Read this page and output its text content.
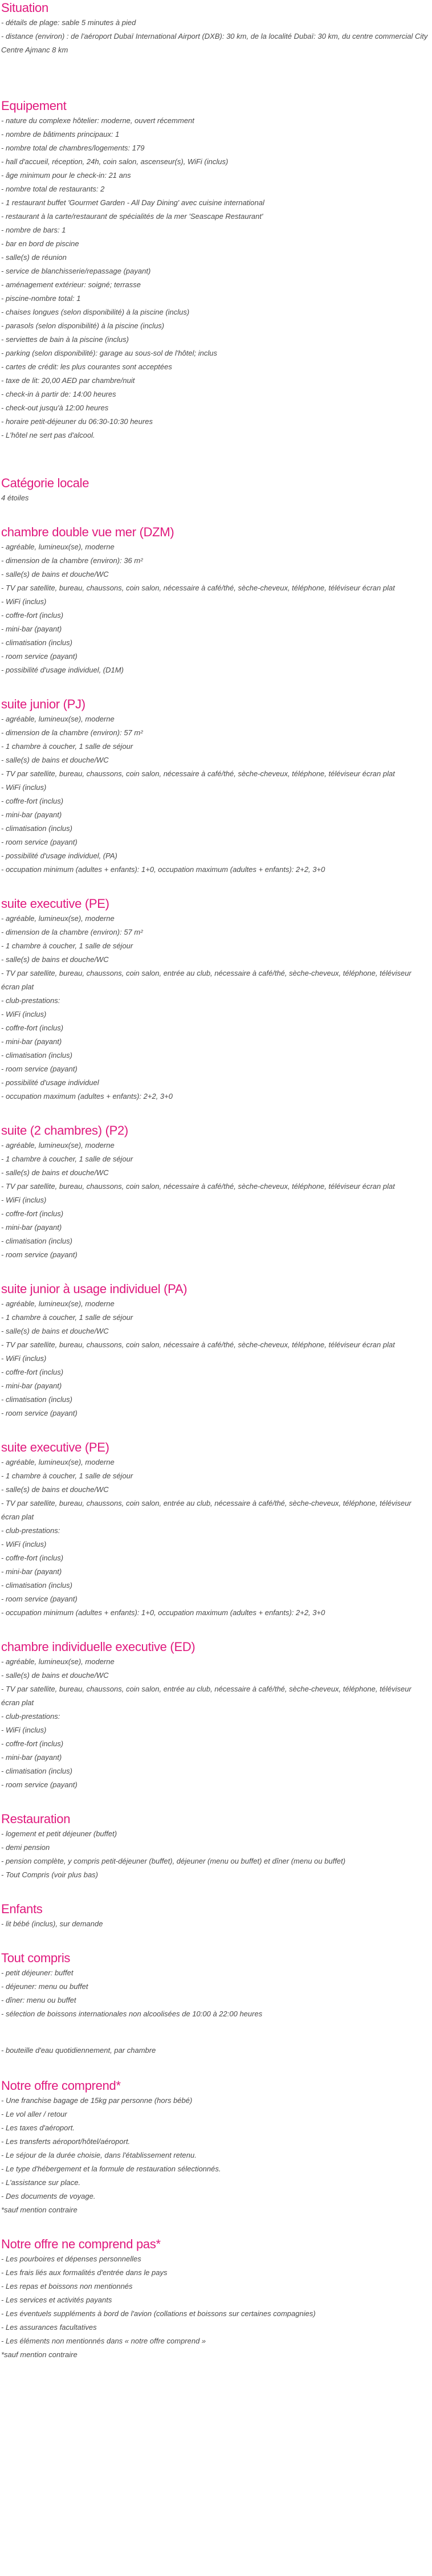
Situation
- détails de plage: sable 5 minutes à pied
- distance (environ) : de l'aéroport Dubaï International Airport (DXB): 30 km, de la localité Dubaï: 30 km, du centre commercial City Centre Ajmanc 8 km
Equipement
- nature du complexe hôtelier: moderne, ouvert récemment
- nombre de bâtiments principaux: 1
- nombre total de chambres/logements: 179
- hall d'accueil, réception, 24h, coin salon, ascenseur(s), WiFi (inclus)
- âge minimum pour le check-in: 21 ans
- nombre total de restaurants: 2
- 1 restaurant buffet 'Gourmet Garden - All Day Dining' avec cuisine international
- restaurant à la carte/restaurant de spécialités de la mer 'Seascape Restaurant'
- nombre de bars: 1
- bar en bord de piscine
- salle(s) de réunion
- service de blanchisserie/repassage (payant)
- aménagement extérieur: soigné; terrasse
- piscine-nombre total: 1
- chaises longues (selon disponibilité) à la piscine (inclus)
- parasols (selon disponibilité) à la piscine (inclus)
- serviettes de bain à la piscine (inclus)
- parking (selon disponibilité): garage au sous-sol de l'hôtel; inclus
- cartes de crédit: les plus courantes sont acceptées
- taxe de lit: 20,00 AED par chambre/nuit
- check-in à partir de: 14:00 heures
- check-out jusqu'à 12:00 heures
- horaire petit-déjeuner du 06:30-10:30 heures
- L'hôtel ne sert pas d'alcool.
Catégorie locale
4 étoiles
chambre double vue mer (DZM)
- agréable, lumineux(se), moderne
- dimension de la chambre (environ): 36 m²
- salle(s) de bains et douche/WC
- TV par satellite, bureau, chaussons, coin salon, nécessaire à café/thé, sèche-cheveux, téléphone, téléviseur écran plat
- WiFi (inclus)
- coffre-fort (inclus)
- mini-bar (payant)
- climatisation (inclus)
- room service (payant)
- possibilité d'usage individuel, (D1M)
suite junior (PJ)
- agréable, lumineux(se), moderne
- dimension de la chambre (environ): 57 m²
- 1 chambre à coucher, 1 salle de séjour
- salle(s) de bains et douche/WC
- TV par satellite, bureau, chaussons, coin salon, nécessaire à café/thé, sèche-cheveux, téléphone, téléviseur écran plat
- WiFi (inclus)
- coffre-fort (inclus)
- mini-bar (payant)
- climatisation (inclus)
- room service (payant)
- possibilité d'usage individuel, (PA)
- occupation minimum (adultes + enfants): 1+0, occupation maximum (adultes + enfants): 2+2, 3+0
suite executive (PE)
- agréable, lumineux(se), moderne
- dimension de la chambre (environ): 57 m²
- 1 chambre à coucher, 1 salle de séjour
- salle(s) de bains et douche/WC
- TV par satellite, bureau, chaussons, coin salon, entrée au club, nécessaire à café/thé, sèche-cheveux, téléphone, téléviseur écran plat
- club-prestations:
- WiFi (inclus)
- coffre-fort (inclus)
- mini-bar (payant)
- climatisation (inclus)
- room service (payant)
- possibilité d'usage individuel
- occupation maximum (adultes + enfants): 2+2, 3+0
suite (2 chambres) (P2)
- agréable, lumineux(se), moderne
- 1 chambre à coucher, 1 salle de séjour
- salle(s) de bains et douche/WC
- TV par satellite, bureau, chaussons, coin salon, nécessaire à café/thé, sèche-cheveux, téléphone, téléviseur écran plat
- WiFi (inclus)
- coffre-fort (inclus)
- mini-bar (payant)
- climatisation (inclus)
- room service (payant)
suite junior à usage individuel (PA)
- agréable, lumineux(se), moderne
- 1 chambre à coucher, 1 salle de séjour
- salle(s) de bains et douche/WC
- TV par satellite, bureau, chaussons, coin salon, nécessaire à café/thé, sèche-cheveux, téléphone, téléviseur écran plat
- WiFi (inclus)
- coffre-fort (inclus)
- mini-bar (payant)
- climatisation (inclus)
- room service (payant)
suite executive (PE)
- agréable, lumineux(se), moderne
- 1 chambre à coucher, 1 salle de séjour
- salle(s) de bains et douche/WC
- TV par satellite, bureau, chaussons, coin salon, entrée au club, nécessaire à café/thé, sèche-cheveux, téléphone, téléviseur écran plat
- club-prestations:
- WiFi (inclus)
- coffre-fort (inclus)
- mini-bar (payant)
- climatisation (inclus)
- room service (payant)
- occupation minimum (adultes + enfants): 1+0, occupation maximum (adultes + enfants): 2+2, 3+0
chambre individuelle executive (ED)
- agréable, lumineux(se), moderne
- salle(s) de bains et douche/WC
- TV par satellite, bureau, chaussons, coin salon, entrée au club, nécessaire à café/thé, sèche-cheveux, téléphone, téléviseur écran plat
- club-prestations:
- WiFi (inclus)
- coffre-fort (inclus)
- mini-bar (payant)
- climatisation (inclus)
- room service (payant)
Restauration
- logement et petit déjeuner (buffet)
- demi pension
- pension complète, y compris petit-déjeuner (buffet), déjeuner (menu ou buffet) et dîner (menu ou buffet)
- Tout Compris (voir plus bas)
Enfants
- lit bébé (inclus), sur demande
Tout compris
- petit déjeuner: buffet
- déjeuner: menu ou buffet
- dîner: menu ou buffet
- sélection de boissons internationales non alcoolisées de 10:00 à 22:00 heures
- bouteille d'eau quotidiennement, par chambre
Notre offre comprend*
- Une franchise bagage de 15kg par personne (hors bébé)
- Le vol aller / retour
- Les taxes d'aéroport.
- Les transferts aéroport/hôtel/aéroport.
- Le séjour de la durée choisie, dans l'établissement retenu.
- Le type d'hébergement et la formule de restauration sélectionnés.
- L'assistance sur place.
- Des documents de voyage.
*sauf mention contraire
Notre offre ne comprend pas*
- Les pourboires et dépenses personnelles
- Les frais liés aux formalités d'entrée dans le pays
- Les repas et boissons non mentionnés
- Les services et activités payants
- Les éventuels suppléments à bord de l'avion (collations et boissons sur certaines compagnies)
- Les assurances facultatives
- Les éléments non mentionnés dans « notre offre comprend »
*sauf mention contraire
